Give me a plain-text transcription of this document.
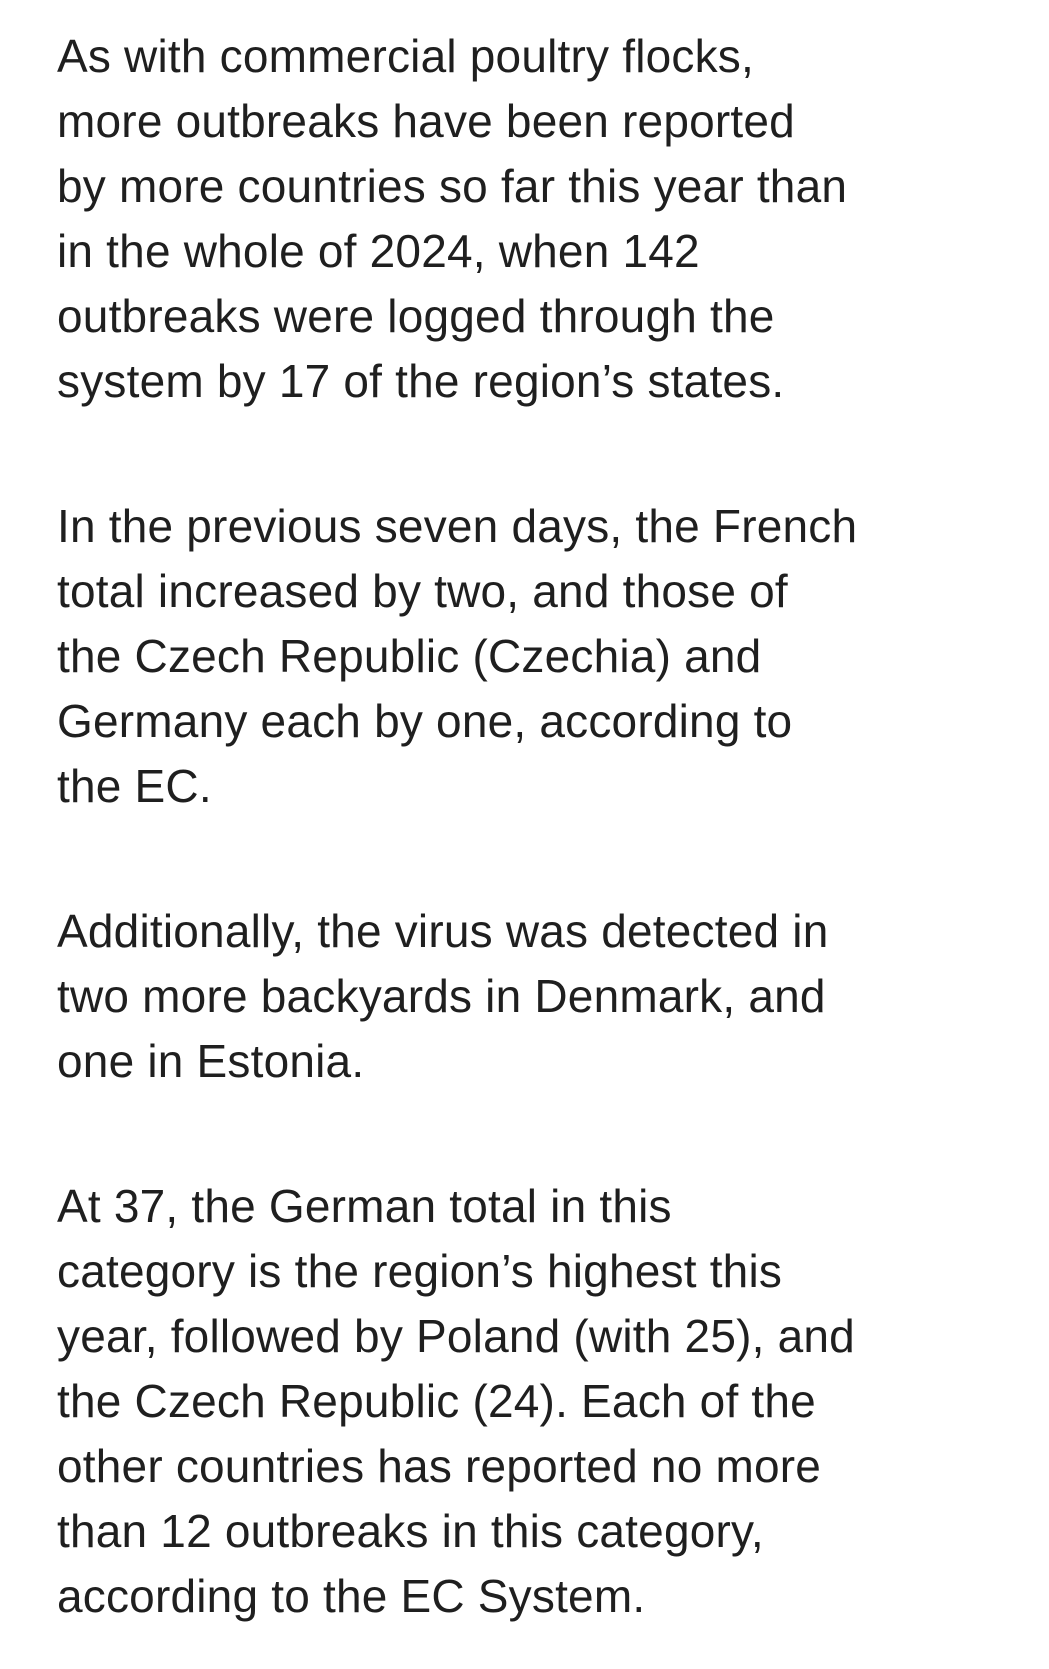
As with commercial poultry flocks,
more outbreaks have been reported
by more countries so far this year than
in the whole of 2024, when 142
outbreaks were logged through the
system by 17 of the region’s states.

In the previous seven days, the French
total increased by two, and those of
the Czech Republic (Czechia) and
Germany each by one, according to
the EC.

Additionally, the virus was detected in
two more backyards in Denmark, and
one in Estonia.

At 37, the German total in this
category is the region’s highest this
year, followed by Poland (with 25), and
the Czech Republic (24). Each of the
other countries has reported no more
than 12 outbreaks in this category,
according to the EC System.
